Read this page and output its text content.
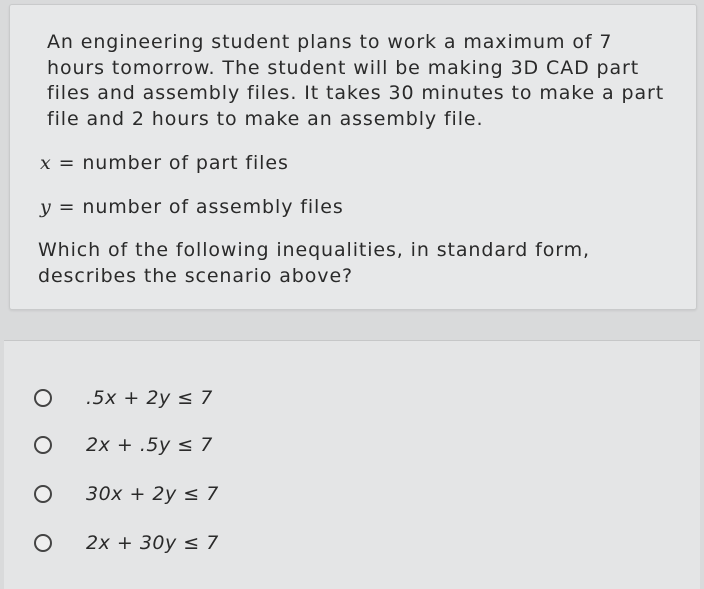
An engineering student plans to work a maximum of 7 hours tomorrow. The student will be making 3D CAD part files and assembly files. It takes 30 minutes to make a part file and 2 hours to make an assembly file.

x = number of part files
y = number of assembly files

Which of the following inequalities, in standard form, describes the scenario above?

.5x + 2y ≤ 7
2x + .5y ≤ 7
30x + 2y ≤ 7
2x + 30y ≤ 7
